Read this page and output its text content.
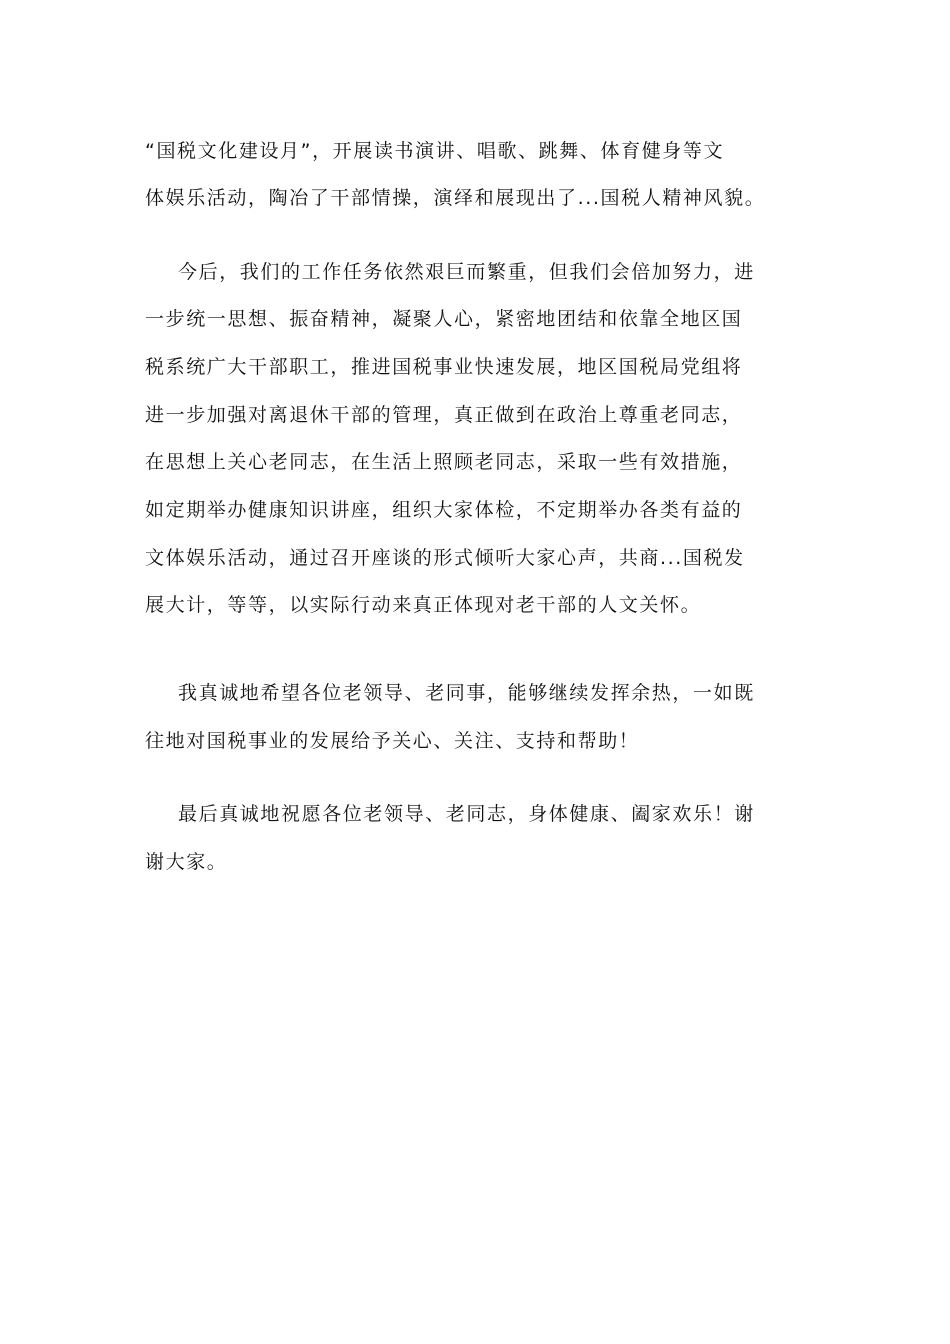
“国税文化建设月”，开展读书演讲、唱歌、跳舞、体育健身等文
体娱乐活动，陶冶了干部情操，演绎和展现出了...国税人精神风貌。
今后，我们的工作任务依然艰巨而繁重，但我们会倍加努力，进
一步统一思想、振奋精神，凝聚人心，紧密地团结和依靠全地区国
税系统广大干部职工，推进国税事业快速发展，地区国税局党组将
进一步加强对离退休干部的管理，真正做到在政治上尊重老同志，
在思想上关心老同志，在生活上照顾老同志，采取一些有效措施，
如定期举办健康知识讲座，组织大家体检，不定期举办各类有益的
文体娱乐活动，通过召开座谈的形式倾听大家心声，共商...国税发
展大计，等等，以实际行动来真正体现对老干部的人文关怀。
我真诚地希望各位老领导、老同事，能够继续发挥余热，一如既
往地对国税事业的发展给予关心、关注、支持和帮助！
最后真诚地祝愿各位老领导、老同志，身体健康、阖家欢乐！谢
谢大家。
